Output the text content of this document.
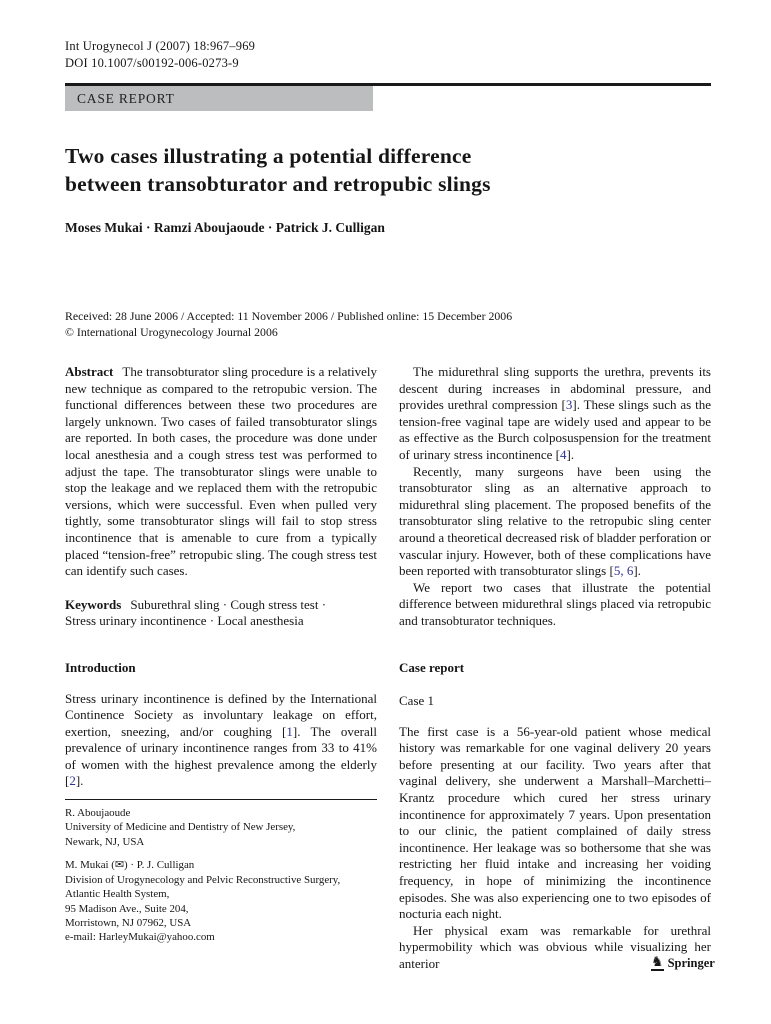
Int Urogynecol J (2007) 18:967–969
DOI 10.1007/s00192-006-0273-9
CASE REPORT
Two cases illustrating a potential difference
between transobturator and retropubic slings
Moses Mukai · Ramzi Aboujaoude · Patrick J. Culligan
Received: 28 June 2006 / Accepted: 11 November 2006 / Published online: 15 December 2006
© International Urogynecology Journal 2006

Abstract The transobturator sling procedure is a relatively new technique as compared to the retropubic version. The functional differences between these two procedures are largely unknown. Two cases of failed transobturator slings are reported. In both cases, the procedure was done under local anesthesia and a cough stress test was performed to adjust the tape. The transobturator slings were unable to stop the leakage and we replaced them with the retropubic versions, which were successful. Even when pulled very tightly, some transobturator slings will fail to stop stress incontinence that is amenable to cure from a typically placed “tension-free” retropubic sling. The cough stress test can identify such cases.

Keywords Suburethral sling · Cough stress test ·
Stress urinary incontinence · Local anesthesia

Introduction

Stress urinary incontinence is defined by the International Continence Society as involuntary leakage on effort, exertion, sneezing, and/or coughing [1]. The overall prevalence of urinary incontinence ranges from 33 to 41% of women with the highest prevalence among the elderly [2].

R. Aboujaoude
University of Medicine and Dentistry of New Jersey,
Newark, NJ, USA
M. Mukai (✉) · P. J. Culligan
Division of Urogynecology and Pelvic Reconstructive Surgery,
Atlantic Health System,
95 Madison Ave., Suite 204,
Morristown, NJ 07962, USA
e-mail: HarleyMukai@yahoo.com

The midurethral sling supports the urethra, prevents its descent during increases in abdominal pressure, and provides urethral compression [3]. These slings such as the tension-free vaginal tape are widely used and appear to be as effective as the Burch colposuspension for the treatment of urinary stress incontinence [4].

Recently, many surgeons have been using the transobturator sling as an alternative approach to midurethral sling placement. The proposed benefits of the transobturator sling relative to the retropubic sling center around a theoretical decreased risk of bladder perforation or vascular injury. However, both of these complications have been reported with transobturator slings [5, 6].

We report two cases that illustrate the potential difference between midurethral slings placed via retropubic and transobturator techniques.

Case report
Case 1

The first case is a 56-year-old patient whose medical history was remarkable for one vaginal delivery 20 years before presenting at our facility. Two years after that vaginal delivery, she underwent a Marshall–Marchetti–Krantz procedure which cured her stress urinary incontinence for approximately 7 years. Upon presentation to our clinic, the patient complained of daily stress incontinence. Her leakage was so bothersome that she was restricting her fluid intake and increasing her voiding frequency, in hope of minimizing the incontinence episodes. She was also experiencing one to two episodes of nocturia each night.

Her physical exam was remarkable for urethral hypermobility which was obvious while visualizing her anterior	♞ Springer
